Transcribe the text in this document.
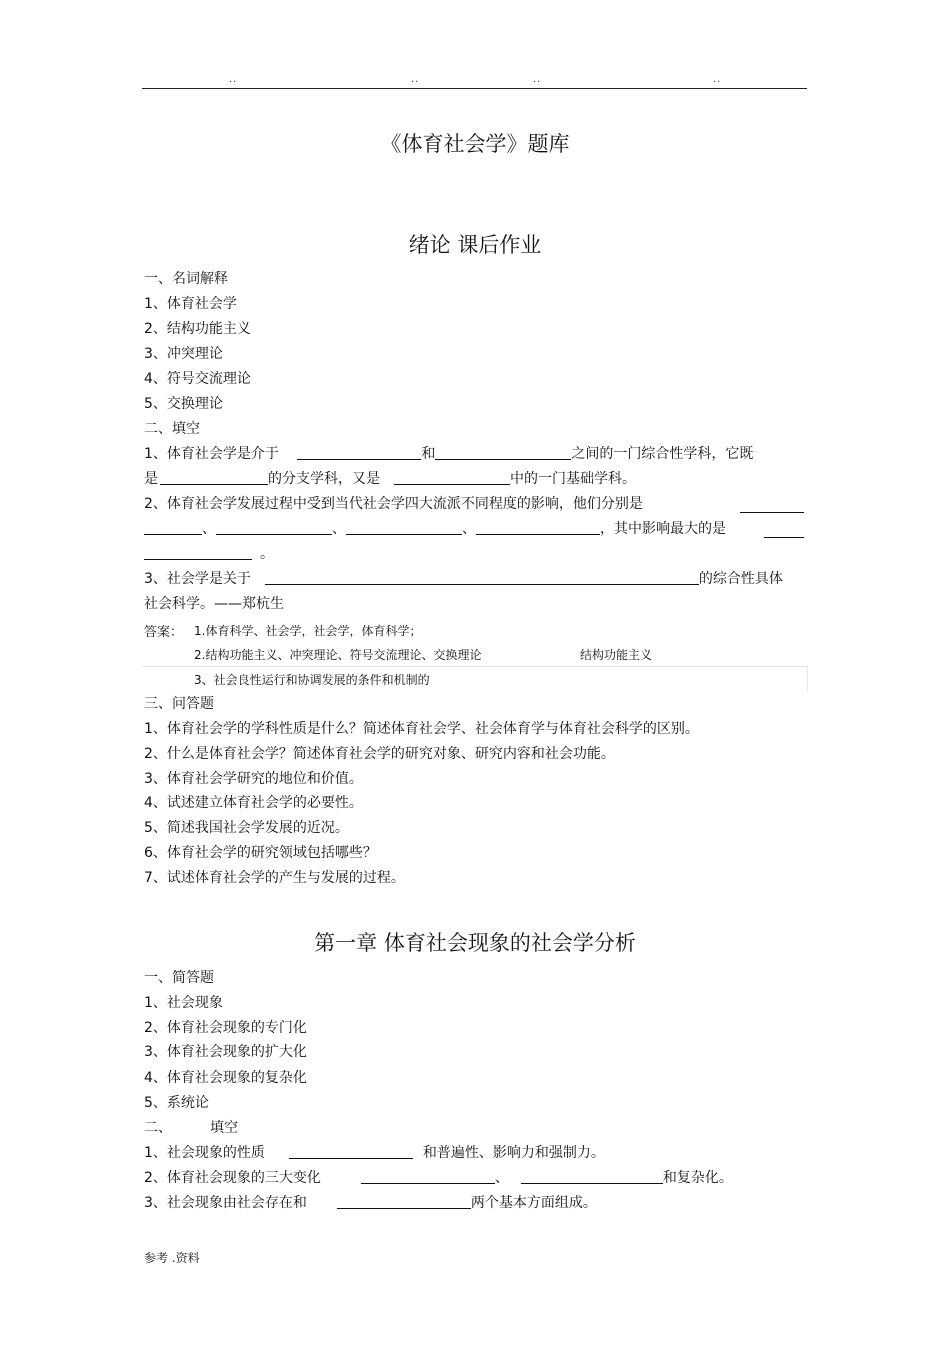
..	..	..	..
《体育社会学》题库
绪论 课后作业
一、名词解释
1、体育社会学
2、结构功能主义
3、冲突理论
4、符号交流理论
5、交换理论
二、填空
1、体育社会学是介于	和	之间的一门综合性学科，它既
是	的分支学科，又是	中的一门基础学科。
2、体育社会学发展过程中受到当代社会学四大流派不同程度的影响，他们分别是
、	、	、	，其中影响最大的是
。
3、社会学是关于	的综合性具体
社会科学。——郑杭生
答案： 1.体育科学、社会学，社会学，体育科学；
2.结构功能主义、冲突理论、符号交流理论、交换理论	结构功能主义
3、社会良性运行和协调发展的条件和机制的
三、问答题
1、体育社会学的学科性质是什么？简述体育社会学、社会体育学与体育社会科学的区别。
2、什么是体育社会学？简述体育社会学的研究对象、研究内容和社会功能。
3、体育社会学研究的地位和价值。
4、试述建立体育社会学的必要性。
5、简述我国社会学发展的近况。
6、体育社会学的研究领域包括哪些？
7、试述体育社会学的产生与发展的过程。
第一章 体育社会现象的社会学分析
一、简答题
1、社会现象
2、体育社会现象的专门化
3、体育社会现象的扩大化
4、体育社会现象的复杂化
5、系统论
二、	填空
1、社会现象的性质	和普遍性、影响力和强制力。
2、体育社会现象的三大变化	、	和复杂化。
3、社会现象由社会存在和	两个基本方面组成。
参考 .资料
